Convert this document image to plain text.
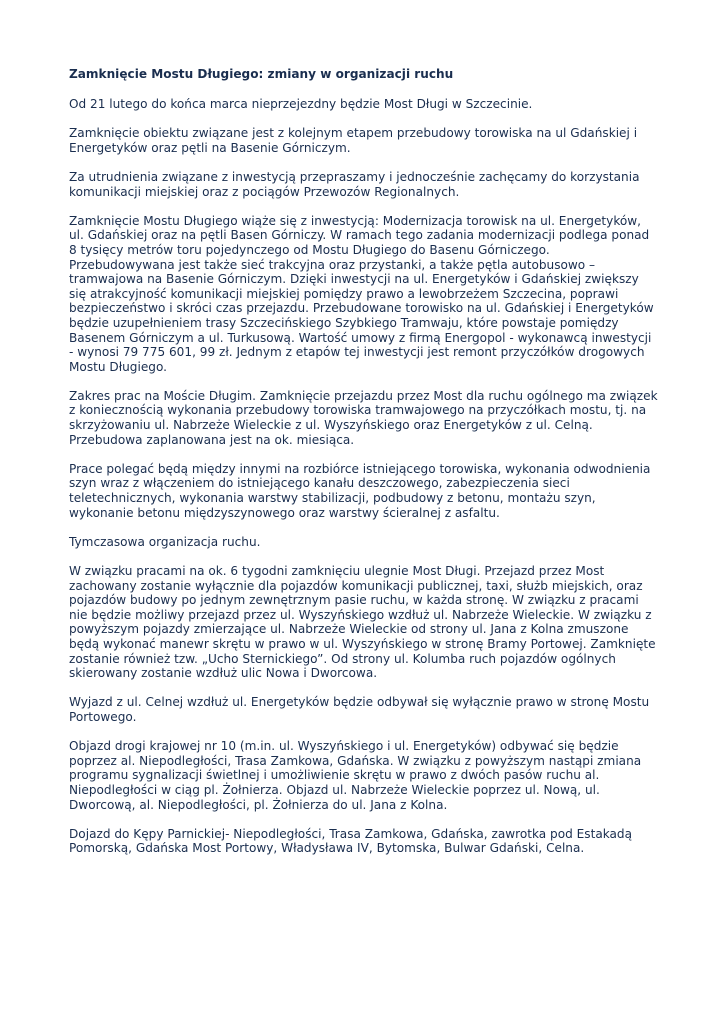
Zamknięcie Mostu Długiego: zmiany w organizacji ruchu

Od 21 lutego do końca marca nieprzejezdny będzie Most Długi w Szczecinie.

Zamknięcie obiektu związane jest z kolejnym etapem przebudowy torowiska na ul Gdańskiej i Energetyków oraz pętli na Basenie Górniczym.

Za utrudnienia związane z inwestycją przepraszamy i jednocześnie zachęcamy do korzystania komunikacji miejskiej oraz z pociągów Przewozów Regionalnych.

Zamknięcie Mostu Długiego wiąże się z inwestycją: Modernizacja torowisk na ul. Energetyków, ul. Gdańskiej oraz na pętli Basen Górniczy. W ramach tego zadania modernizacji podlega ponad 8 tysięcy metrów toru pojedynczego od Mostu Długiego do Basenu Górniczego. Przebudowywana jest także sieć trakcyjna oraz przystanki, a także pętla autobusowo – tramwajowa na Basenie Górniczym. Dzięki inwestycji na ul. Energetyków i Gdańskiej zwiększy się atrakcyjność komunikacji miejskiej pomiędzy prawo a lewobrzeżem Szczecina, poprawi bezpieczeństwo i skróci czas przejazdu. Przebudowane torowisko na ul. Gdańskiej i Energetyków będzie uzupełnieniem trasy Szczecińskiego Szybkiego Tramwaju, które powstaje pomiędzy Basenem Górniczym a ul. Turkusową. Wartość umowy z firmą Energopol - wykonawcą inwestycji - wynosi 79 775 601, 99 zł. Jednym z etapów tej inwestycji jest remont przyczółków drogowych Mostu Długiego.

Zakres prac na Moście Długim. Zamknięcie przejazdu przez Most dla ruchu ogólnego ma związek z koniecznością wykonania przebudowy torowiska tramwajowego na przyczółkach mostu, tj. na skrzyżowaniu ul. Nabrzeże Wieleckie z ul. Wyszyńskiego oraz Energetyków z ul. Celną. Przebudowa zaplanowana jest na ok. miesiąca.

Prace polegać będą między innymi na rozbiórce istniejącego torowiska, wykonania odwodnienia szyn wraz z włączeniem do istniejącego kanału deszczowego, zabezpieczenia sieci teletechnicznych, wykonania warstwy stabilizacji, podbudowy z betonu, montażu szyn, wykonanie betonu międzyszynowego oraz warstwy ścieralnej z asfaltu.

Tymczasowa organizacja ruchu.

W związku pracami na ok. 6 tygodni zamknięciu ulegnie Most Długi. Przejazd przez Most zachowany zostanie wyłącznie dla pojazdów komunikacji publicznej, taxi, służb miejskich, oraz pojazdów budowy po jednym zewnętrznym pasie ruchu, w każda stronę. W związku z pracami nie będzie możliwy przejazd przez ul. Wyszyńskiego wzdłuż ul. Nabrzeże Wieleckie. W związku z powyższym pojazdy zmierzające ul. Nabrzeże Wieleckie od strony ul. Jana z Kolna zmuszone będą wykonać manewr skrętu w prawo w ul. Wyszyńskiego w stronę Bramy Portowej. Zamknięte zostanie również tzw. „Ucho Sternickiego”. Od strony ul. Kolumba ruch pojazdów ogólnych skierowany zostanie wzdłuż ulic Nowa i Dworcowa.

Wyjazd z ul. Celnej wzdłuż ul. Energetyków będzie odbywał się wyłącznie prawo w stronę Mostu Portowego.

Objazd drogi krajowej nr 10 (m.in. ul. Wyszyńskiego i ul. Energetyków) odbywać się będzie poprzez al. Niepodległości, Trasa Zamkowa, Gdańska. W związku z powyższym nastąpi zmiana programu sygnalizacji świetlnej i umożliwienie skrętu w prawo z dwóch pasów ruchu al. Niepodległości w ciąg pl. Żołnierza. Objazd ul. Nabrzeże Wieleckie poprzez ul. Nową, ul. Dworcową, al. Niepodległości, pl. Żołnierza do ul. Jana z Kolna.

Dojazd do Kępy Parnickiej- Niepodległości, Trasa Zamkowa, Gdańska, zawrotka pod Estakadą Pomorską, Gdańska Most Portowy, Władysława IV, Bytomska, Bulwar Gdański, Celna.
